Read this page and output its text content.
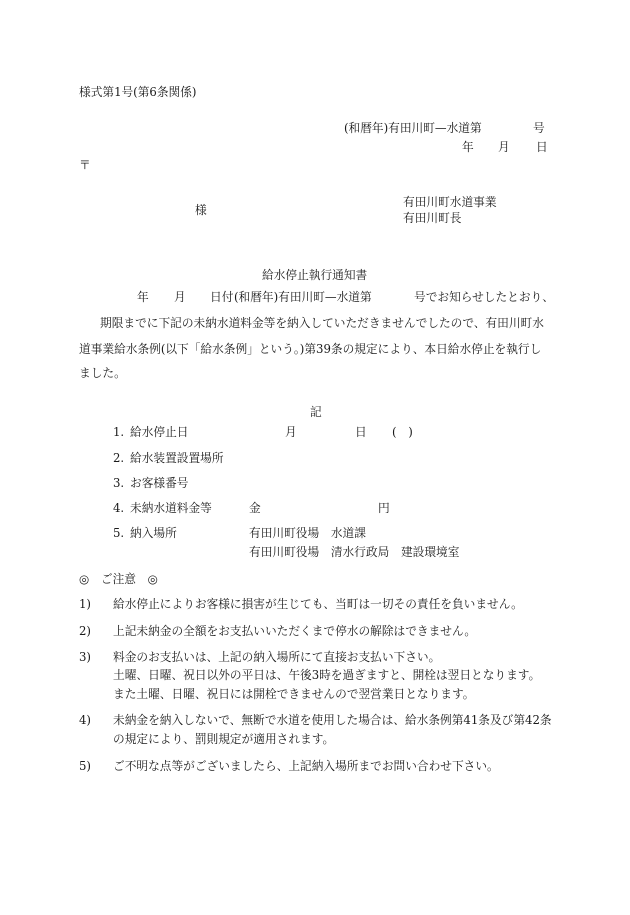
様式第1号(第6条関係)
(和暦年)有田川町—水道第	号
年 月 日
〒
様
有田川町水道事業
有田川町長
給水停止執行通知書
年 月 日付 (和暦年)有田川町—水道第	号でお知らせしたとおり、
期限までに下記の未納水道料金等を納入していただきませんでしたので、有田川町水
道事業給水条例(以下「給水条例」という。)第39条の規定により、本日給水停止を執行し
ました。
記
1. 給水停止日	月	日 (　)
2. 給水装置設置場所
3. お客様番号
4. 未納水道料金等	金	円
5. 納入場所	有田川町役場　水道課
有田川町役場　清水行政局　建設環境室
◎　ご注意　◎
1) 給水停止によりお客様に損害が生じても、当町は一切その責任を負いません。
2) 上記未納金の全額をお支払いいただくまで停水の解除はできません。
3) 料金のお支払いは、上記の納入場所にて直接お支払い下さい。
土曜、日曜、祝日以外の平日は、午後3時を過ぎますと、開栓は翌日となります。
また土曜、日曜、祝日には開栓できませんので翌営業日となります。
4) 未納金を納入しないで、無断で水道を使用した場合は、給水条例第41条及び第42条
の規定により、罰則規定が適用されます。
5) ご不明な点等がございましたら、上記納入場所までお問い合わせ下さい。
